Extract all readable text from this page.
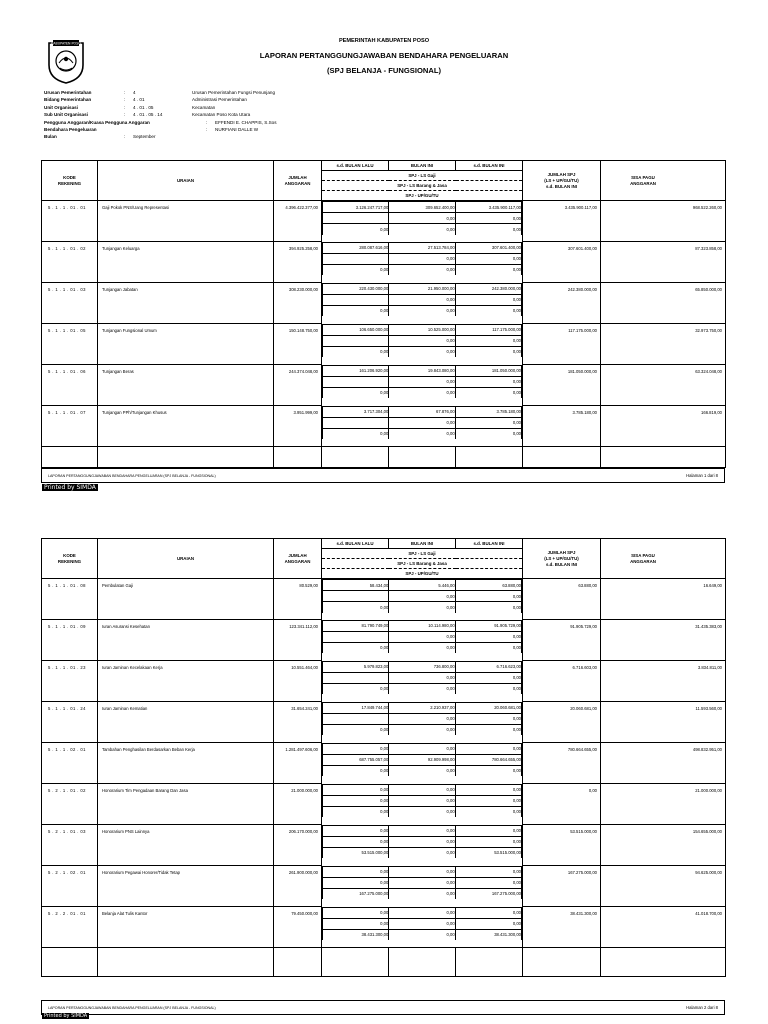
PEMERINTAH KABUPATEN POSO
LAPORAN PERTANGGUNGJAWABAN BENDAHARA PENGELUARAN
(SPJ BELANJA - FUNGSIONAL)
KABUPATEN POSO
Urusan Pemerintahan	: 4	Urusan Pemerintahan Fungsi Penunjang
Bidang Pemerintahan	: 4 . 01	Administrasi Pemerintahan
Unit Organisasi	: 4 . 01 . 05	Kecamatan
Sub Unit Organisasi	: 4 . 01 . 05 . 14	Kecamatan Poso Kota Utara
Pengguna Anggaran/Kuasa Pengguna Anggaran	: EFFENDI E. CHAPPIS, S.Sos
Bendahara Pengeluaran	: NURFIANI DALLE W
Bulan	: September
KODE
REKENING
	URAIAN	
JUMLAH
ANGGARAN
	s.d. BULAN LALU	BULAN INI	s.d. BULAN INI	
JUMLAH SPJ
(LS + UP/GU/TU)
s.d. BULAN INI

SISA PAGU
ANGGARAN

SPJ - LS Gaji
SPJ - LS Barang & Jasa
SPJ - UP/GU/TU
5 . 1 . 1 . 01 . 01	Gaji Pokok PNS/Uang Representasi	4.396.422.377,00		3.126.247.717,00	309.652.400,00	3.435.900.117,00
	0,00	0,00
0,00	0,00	0,00
	3.435.900.117,00	968.522.260,00
5 . 1 . 1 . 01 . 02	Tunjangan Keluarga	394.925.258,00		280.087.616,00	27.513.784,00	307.601.400,00
	0,00	0,00
0,00	0,00	0,00
	307.601.400,00	87.323.858,00
5 . 1 . 1 . 01 . 03	Tunjangan Jabatan	308.230.000,00		220.430.000,00	21.950.000,00	242.380.000,00
	0,00	0,00
0,00	0,00	0,00
	242.380.000,00	65.850.000,00
5 . 1 . 1 . 01 . 05	Tunjangan Fungsional Umum	150.148.750,00		106.650.000,00	10.525.000,00	117.175.000,00
	0,00	0,00
0,00	0,00	0,00
	117.175.000,00	32.973.750,00
5 . 1 . 1 . 01 . 06	Tunjangan Beras	244.374.048,00		161.206.920,00	19.843.080,00	181.050.000,00
	0,00	0,00
0,00	0,00	0,00
	181.050.000,00	63.324.048,00
5 . 1 . 1 . 01 . 07	Tunjangan PPh/Tunjangan Khusus	3.951.999,00		3.717.304,00	67.876,00	3.785.180,00
	0,00	0,00
0,00	0,00	0,00
	3.785.180,00	166.819,00

LAPORAN PERTANGGUNGJAWABAN BENDAHARA PENGELUARAN (SPJ BELANJA - FUNGSIONAL)	Halaman 1 dari 8
Printed by SIMDA
KODE
REKENING
	URAIAN	
JUMLAH
ANGGARAN
	s.d. BULAN LALU	BULAN INI	s.d. BULAN INI	
JUMLAH SPJ
(LS + UP/GU/TU)
s.d. BULAN INI

SISA PAGU
ANGGARAN

SPJ - LS Gaji
SPJ - LS Barang & Jasa
SPJ - UP/GU/TU
5 . 1 . 1 . 01 . 08	Pembulatan Gaji	80.529,00		58.434,00	5.446,00	63.880,00
	0,00	0,00
0,00	0,00	0,00
	63.880,00	16.649,00
5 . 1 . 1 . 01 . 09	Iuran Asuransi Kesehatan	123.341.112,00		81.790.749,00	10.114.980,00	91.905.729,00
	0,00	0,00
0,00	0,00	0,00
	91.905.729,00	31.435.383,00
5 . 1 . 1 . 01 . 23	Iuran Jaminan Kecelakaan Kerja	10.551.464,00		5.979.823,00	736.800,00	6.716.623,00
	0,00	0,00
0,00	0,00	0,00
	6.716.603,00	3.834.811,00
5 . 1 . 1 . 01 . 24	Iuran Jaminan Kematian	31.654.241,00		17.849.744,00	2.210.937,00	20.060.681,00
	0,00	0,00
0,00	0,00	0,00
	20.060.681,00	11.593.560,00
5 . 1 . 1 . 02 . 01	Tambahan Penghasilan Berdasarkan Beban Kerja	1.281.497.606,00		0,00	0,00	0,00
687.755.057,00	92.909.998,00	780.664.655,00
0,00	0,00	0,00
	780.664.655,00	498.832.951,00
5 . 2 . 1 . 01 . 02	Honorarium Tim Pengadaan Barang Dan Jasa	21.000.000,00		0,00	0,00	0,00
0,00	0,00	0,00
0,00	0,00	0,00
	0,00	21.000.000,00
5 . 2 . 1 . 01 . 03	Honorarium PNS Lainnya	206.170.000,00		0,00	0,00	0,00
0,00	0,00	0,00
53.515.000,00	0,00	53.515.000,00
	53.515.000,00	154.655.000,00
5 . 2 . 1 . 02 . 01	Honorarium Pegawai Honorer/Tidak Tetap	261.900.000,00		0,00	0,00	0,00
0,00	0,00	0,00
167.275.000,00	0,00	167.275.000,00
	167.275.000,00	94.625.000,00
5 . 2 . 2 . 01 . 01	Belanja Alat Tulis Kantor	79.450.000,00		0,00	0,00	0,00
0,00	0,00	0,00
38.431.300,00	0,00	38.431.300,00
	38.431.300,00	41.018.700,00

LAPORAN PERTANGGUNGJAWABAN BENDAHARA PENGELUARAN (SPJ BELANJA - FUNGSIONAL)	Halaman 2 dari 8
Printed by SIMDA
